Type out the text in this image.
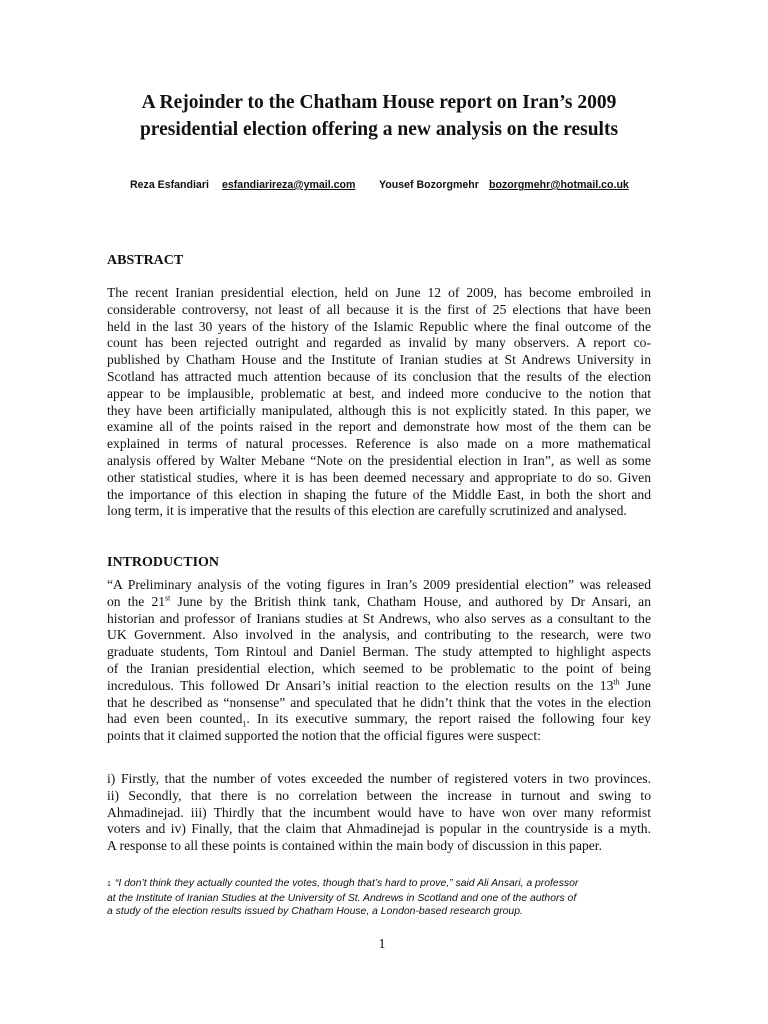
A Rejoinder to the Chatham House report on Iran’s 2009
presidential election offering a new analysis on the results
Reza Esfandiari esfandiarireza@ymail.com Yousef Bozorgmehr bozorgmehr@hotmail.co.uk
ABSTRACT
The recent Iranian presidential election, held on June 12 of 2009, has become embroiled in
considerable controversy, not least of all because it is the first of 25 elections that have been
held in the last 30 years of the history of the Islamic Republic where the final outcome of the
count has been rejected outright and regarded as invalid by many observers. A report co-
published by Chatham House and the Institute of Iranian studies at St Andrews University in
Scotland has attracted much attention because of its conclusion that the results of the election
appear to be implausible, problematic at best, and indeed more conducive to the notion that
they have been artificially manipulated, although this is not explicitly stated. In this paper, we
examine all of the points raised in the report and demonstrate how most of the them can be
explained in terms of natural processes. Reference is also made on a more mathematical
analysis offered by Walter Mebane “Note on the presidential election in Iran”, as well as some
other statistical studies, where it is has been deemed necessary and appropriate to do so. Given
the importance of this election in shaping the future of the Middle East, in both the short and
long term, it is imperative that the results of this election are carefully scrutinized and analysed.
INTRODUCTION
“A Preliminary analysis of the voting figures in Iran’s 2009 presidential election” was released
on the 21st June by the British think tank, Chatham House, and authored by Dr Ansari, an
historian and professor of Iranians studies at St Andrews, who also serves as a consultant to the
UK Government. Also involved in the analysis, and contributing to the research, were two
graduate students, Tom Rintoul and Daniel Berman. The study attempted to highlight aspects
of the Iranian presidential election, which seemed to be problematic to the point of being
incredulous. This followed Dr Ansari’s initial reaction to the election results on the 13th June
that he described as “nonsense” and speculated that he didn’t think that the votes in the election
had even been counted$_1$. In its executive summary, the report raised the following four key
points that it claimed supported the notion that the official figures were suspect:
i) Firstly, that the number of votes exceeded the number of registered voters in two provinces.
ii) Secondly, that there is no correlation between the increase in turnout and swing to
Ahmadinejad. iii) Thirdly that the incumbent would have to have won over many reformist
voters and iv) Finally, that the claim that Ahmadinejad is popular in the countryside is a myth.
A response to all these points is contained within the main body of discussion in this paper.
1 “I don’t think they actually counted the votes, though that’s hard to prove,” said Ali Ansari, a professor
at the Institute of Iranian Studies at the University of St. Andrews in Scotland and one of the authors of
a study of the election results issued by Chatham House, a London-based research group.
1
